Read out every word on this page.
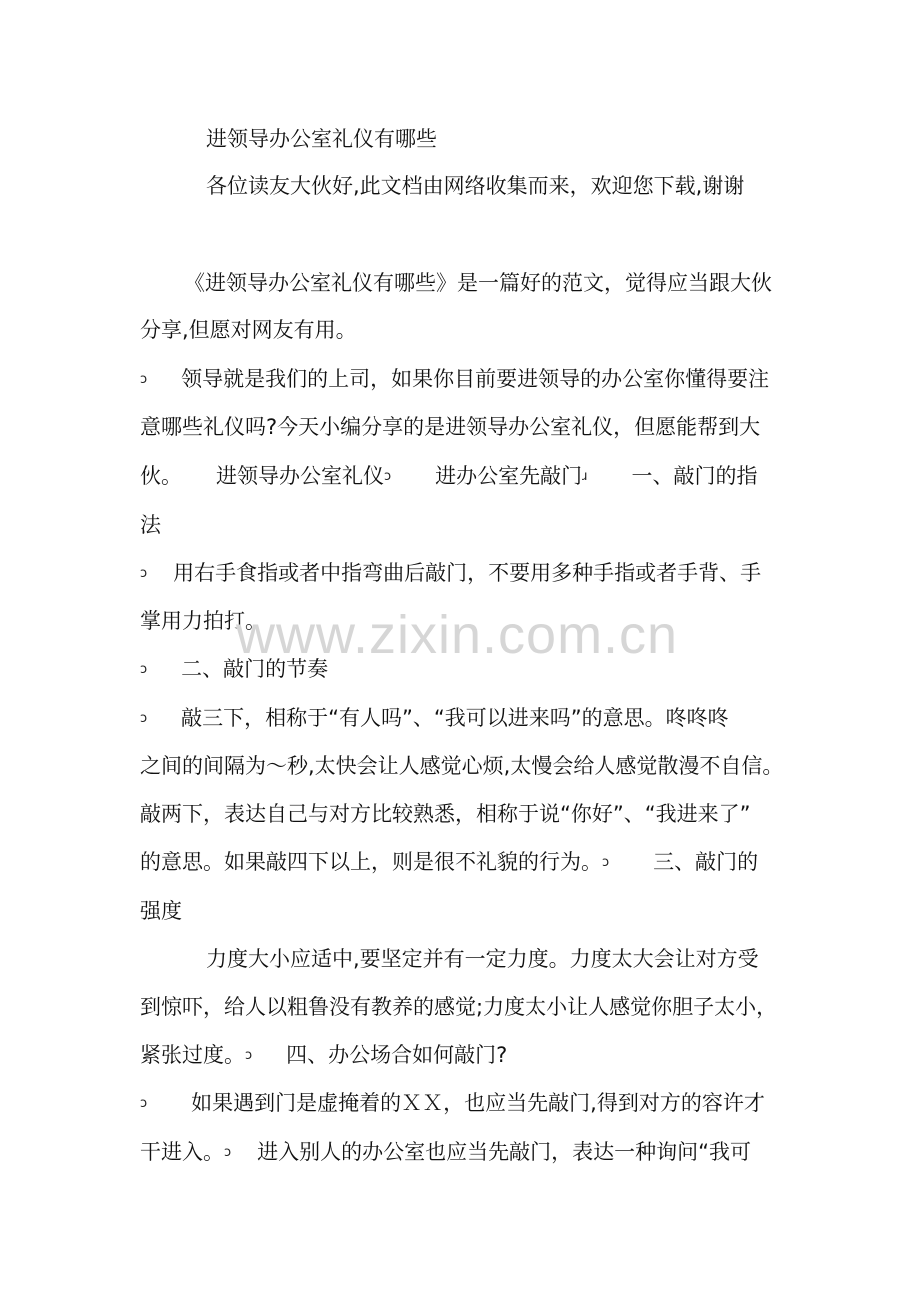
进领导办公室礼仪有哪些
各位读友大伙好,此文档由网络收集而来，欢迎您下载,谢谢
《进领导办公室礼仪有哪些》是一篇好的范文，觉得应当跟大伙
分享,但愿对网友有用。
ↄ 领导就是我们的上司，如果你目前要进领导的办公室你懂得要注
意哪些礼仪吗?今天小编分享的是进领导办公室礼仪，但愿能帮到大
伙。 进领导办公室礼仪ↄ 进办公室先敲门ɹ 一、敲门的指
法
ↄ 用右手食指或者中指弯曲后敲门，不要用多种手指或者手背、手
掌用力拍打。
ↄ 二、敲门的节奏
ↄ 敲三下，相称于“有人吗”、“我可以进来吗”的意思。咚咚咚
之间的间隔为～秒,太快会让人感觉心烦,太慢会给人感觉散漫不自信。
敲两下，表达自己与对方比较熟悉，相称于说“你好”、“我进来了”
的意思。如果敲四下以上，则是很不礼貌的行为。ↄ 三、敲门的
强度
力度大小应适中,要坚定并有一定力度。力度太大会让对方受
到惊吓，给人以粗鲁没有教养的感觉;力度太小让人感觉你胆子太小，
紧张过度。ↄ 四、办公场合如何敲门?
ↄ 如果遇到门是虚掩着的ＸＸ，也应当先敲门,得到对方的容许才
干进入。ↄ 进入别人的办公室也应当先敲门，表达一种询问“我可
www.zixin.com.cn
